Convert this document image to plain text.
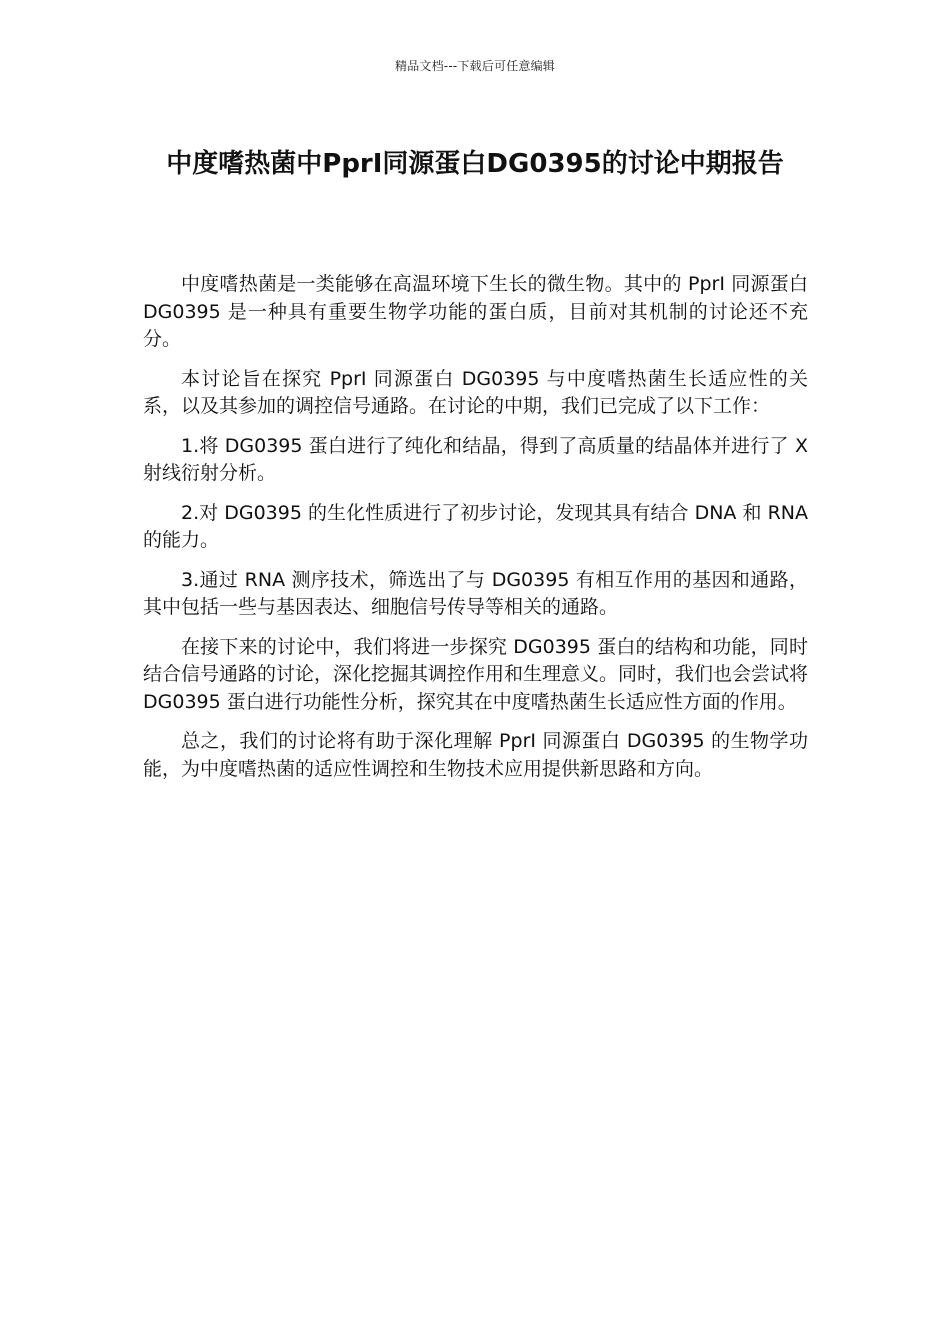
精品文档---下载后可任意编辑
中度嗜热菌中PprI同源蛋白DG0395的讨论中期报告

中度嗜热菌是一类能够在高温环境下生长的微生物。其中的 PprI 同源蛋白 DG0395 是一种具有重要生物学功能的蛋白质，目前对其机制的讨论还不充分。

本讨论旨在探究 PprI 同源蛋白 DG0395 与中度嗜热菌生长适应性的关系，以及其参加的调控信号通路。在讨论的中期，我们已完成了以下工作：

1.将 DG0395 蛋白进行了纯化和结晶，得到了高质量的结晶体并进行了 X 射线衍射分析。

2.对 DG0395 的生化性质进行了初步讨论，发现其具有结合 DNA 和 RNA 的能力。

3.通过 RNA 测序技术，筛选出了与 DG0395 有相互作用的基因和通路，其中包括一些与基因表达、细胞信号传导等相关的通路。

在接下来的讨论中，我们将进一步探究 DG0395 蛋白的结构和功能，同时结合信号通路的讨论，深化挖掘其调控作用和生理意义。同时，我们也会尝试将 DG0395 蛋白进行功能性分析，探究其在中度嗜热菌生长适应性方面的作用。

总之，我们的讨论将有助于深化理解 PprI 同源蛋白 DG0395 的生物学功能，为中度嗜热菌的适应性调控和生物技术应用提供新思路和方向。
